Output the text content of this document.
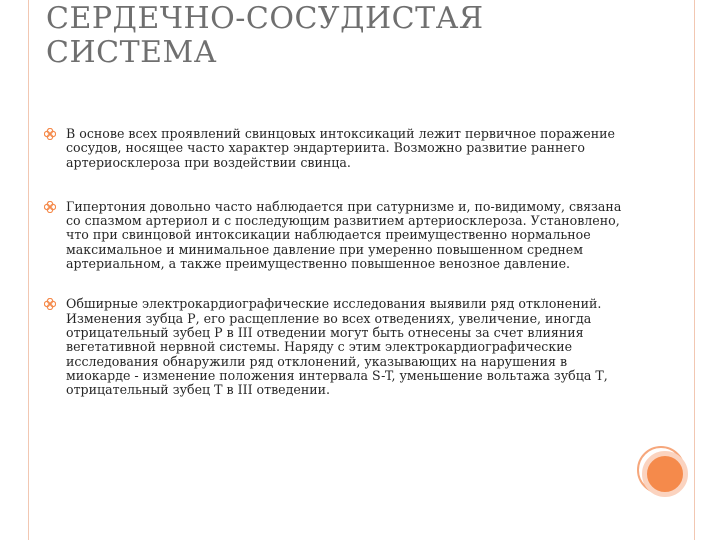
СЕРДЕЧНО-СОСУДИСТАЯ
СИСТЕМА
В основе всех проявлений свинцовых интоксикаций лежит первичное поражение сосудов, носящее часто характер эндартериита. Возможно развитие раннего артериосклероза при воздействии свинца.
Гипертония довольно часто наблюдается при сатурнизме и, по-видимому, связана со спазмом артериол и с последующим развитием артериосклероза. Установлено, что при свинцовой интоксикации наблюдается преимущественно нормальное максимальное и минимальное давление при умеренно повышенном среднем артериальном, а также преимущественно повышенное венозное давление.
Обширные электрокардиографические исследования выявили ряд отклонений. Изменения зубца Р, его расщепление во всех отведениях, увеличение, иногда отрицательный зубец Р в III отведении могут быть отнесены за счет влияния вегетативной нервной системы. Наряду с этим электрокардиографические исследования обнаружили ряд отклонений, указывающих на нарушения в миокарде - изменение положения интервала S-T, уменьшение вольтажа зубца Т, отрицательный зубец Т в III отведении.
